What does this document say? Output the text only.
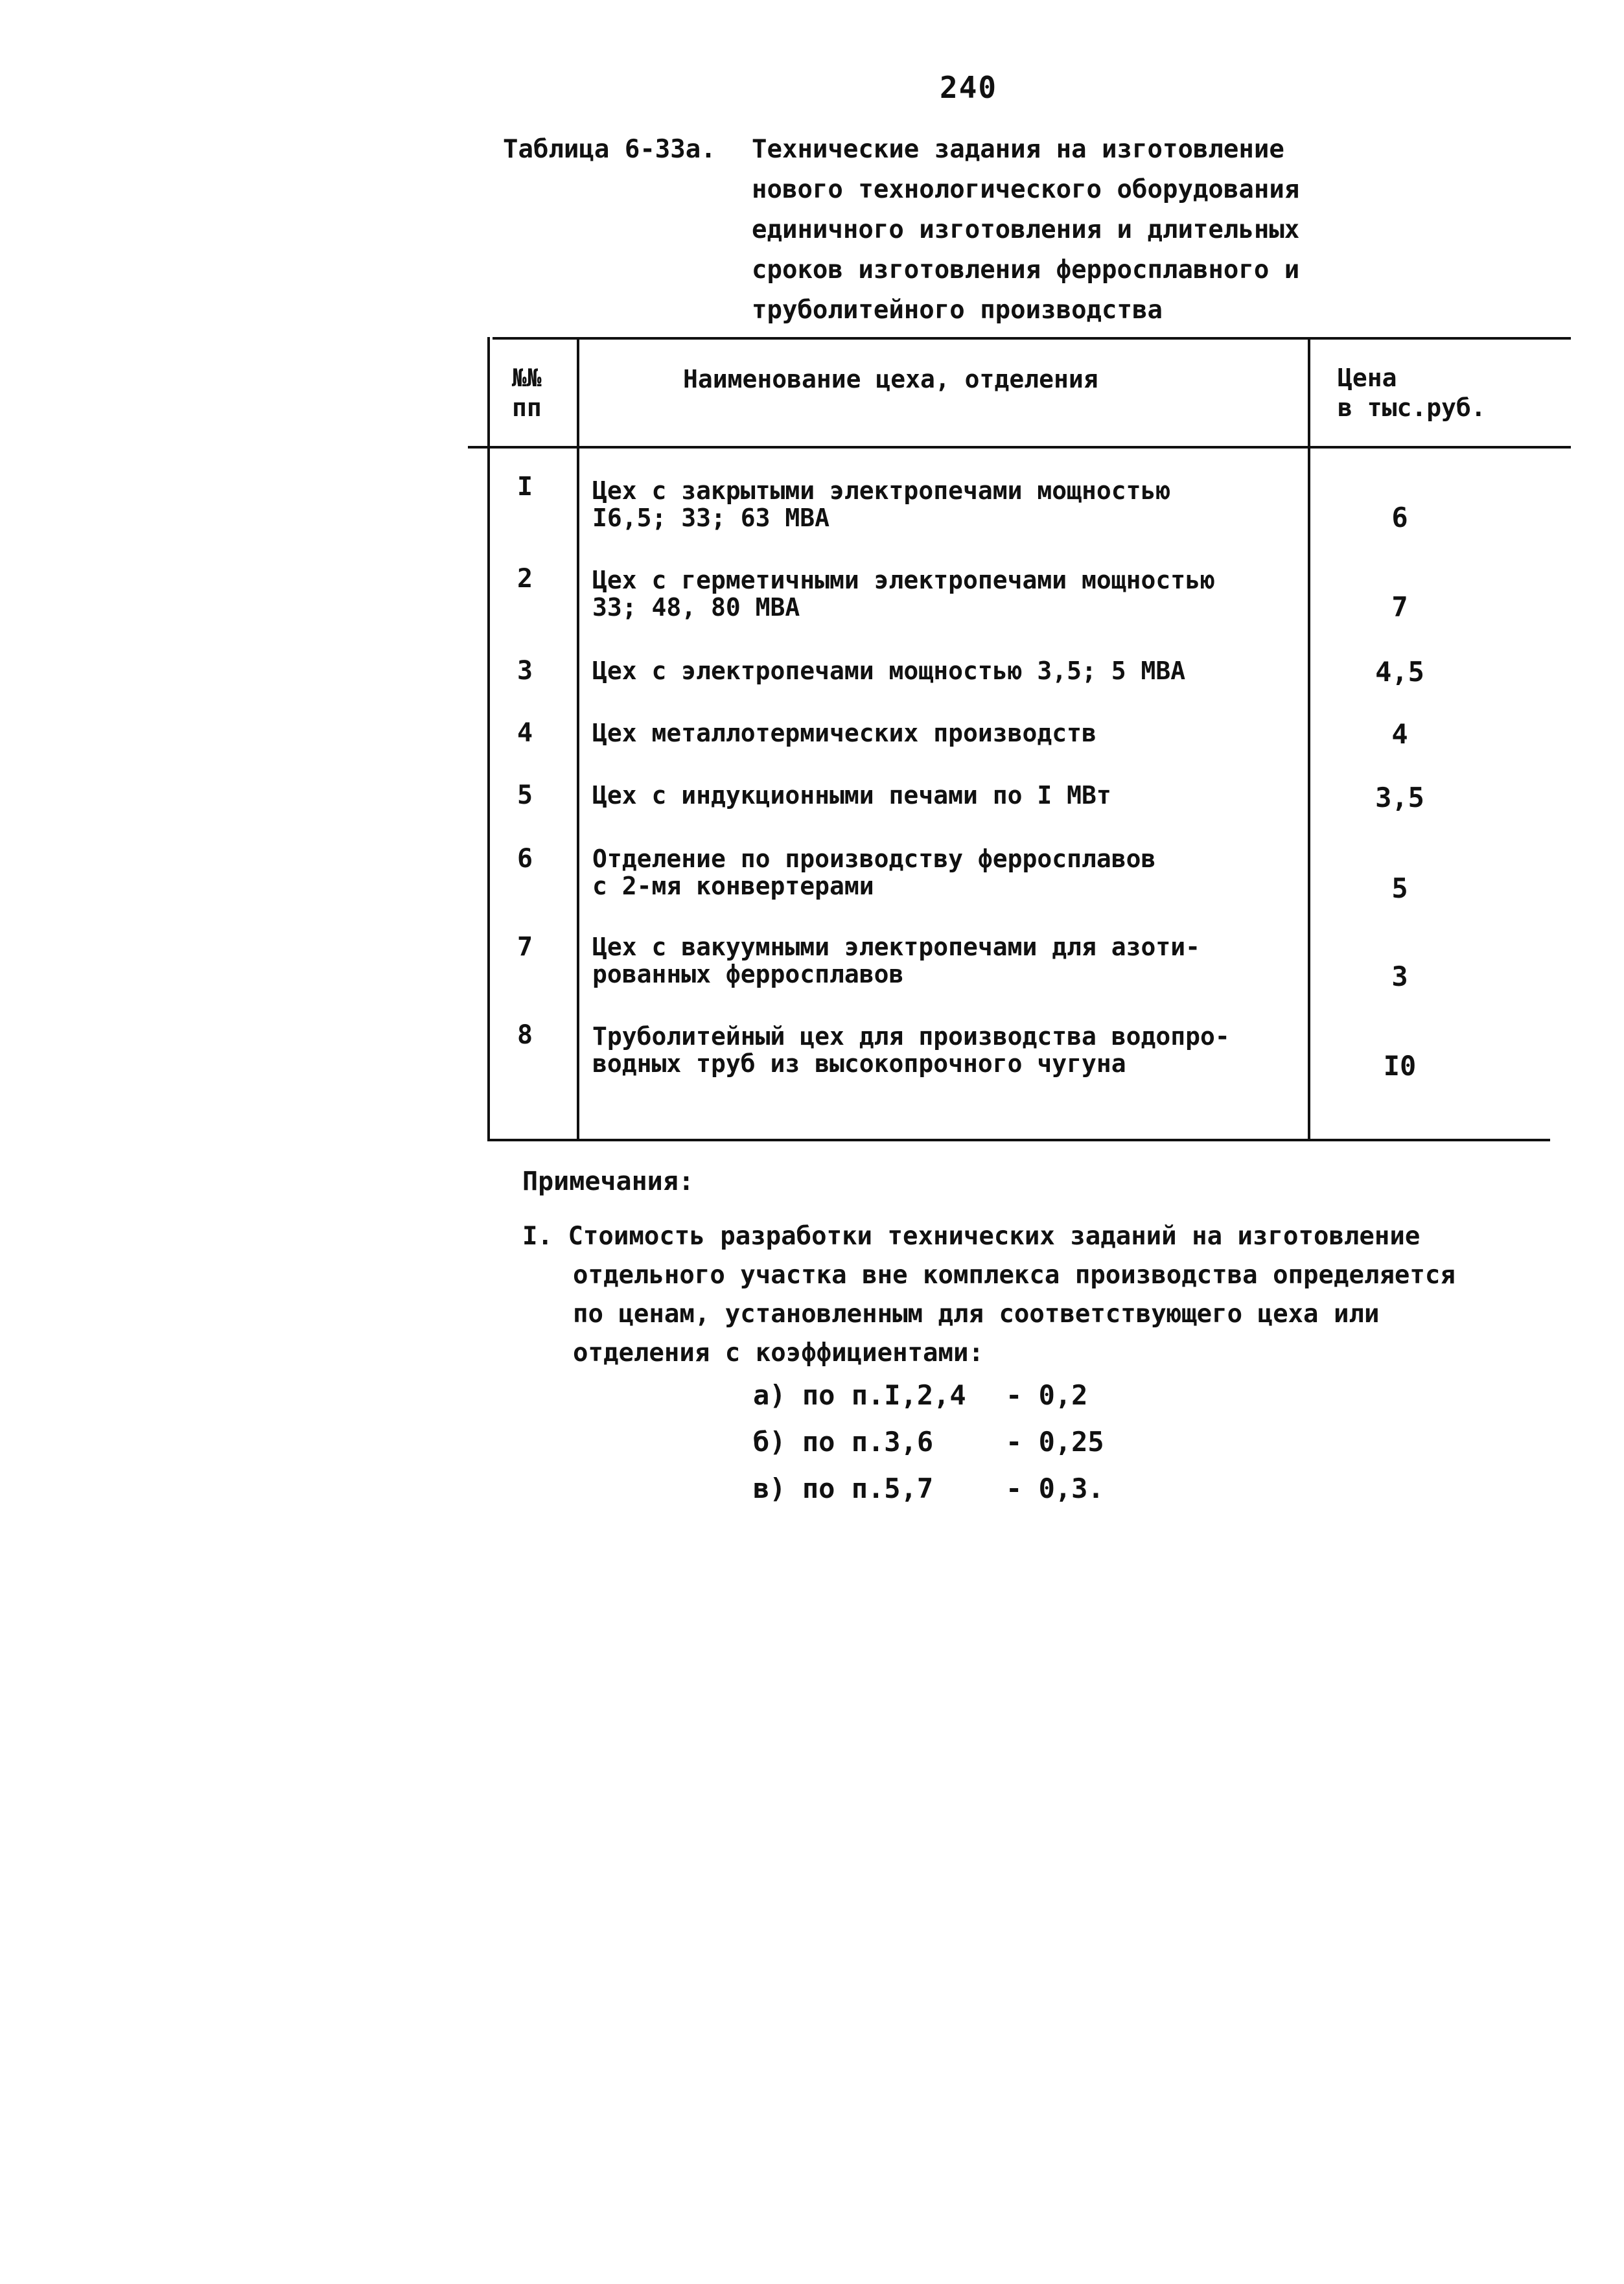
240
Таблица 6-33а. Технические задания на изготовление
нового технологического оборудования
единичного изготовления и длительных
сроков изготовления ферросплавного и
труболитейного производства
№№
пп
Наименование цеха, отделения	Цена
в тыс.руб.
I Цех с закрытыми электропечами мощностью
I6,5; 33; 63 МВА	6
2 Цех с герметичными электропечами мощностью
33; 48, 80 МВА	7
3 Цех с электропечами мощностью 3,5; 5 МВА	4,5
4 Цех металлотермических производств	4
5 Цех с индукционными печами по I МВт	3,5
6 Отделение по производству ферросплавов
с 2-мя конвертерами	5
7 Цех с вакуумными электропечами для азоти-
рованных ферросплавов	3
8 Труболитейный цех для производства водопро-
водных труб из высокопрочного чугуна	I0
Примечания:
I. Стоимость разработки технических заданий на изготовление
отдельного участка вне комплекса производства определяется
по ценам, установленным для соответствующего цеха или
отделения с коэффициентами:
а) по п.I,2,4 - 0,2
б) по п.3,6	- 0,25
в) по п.5,7	- 0,3.
